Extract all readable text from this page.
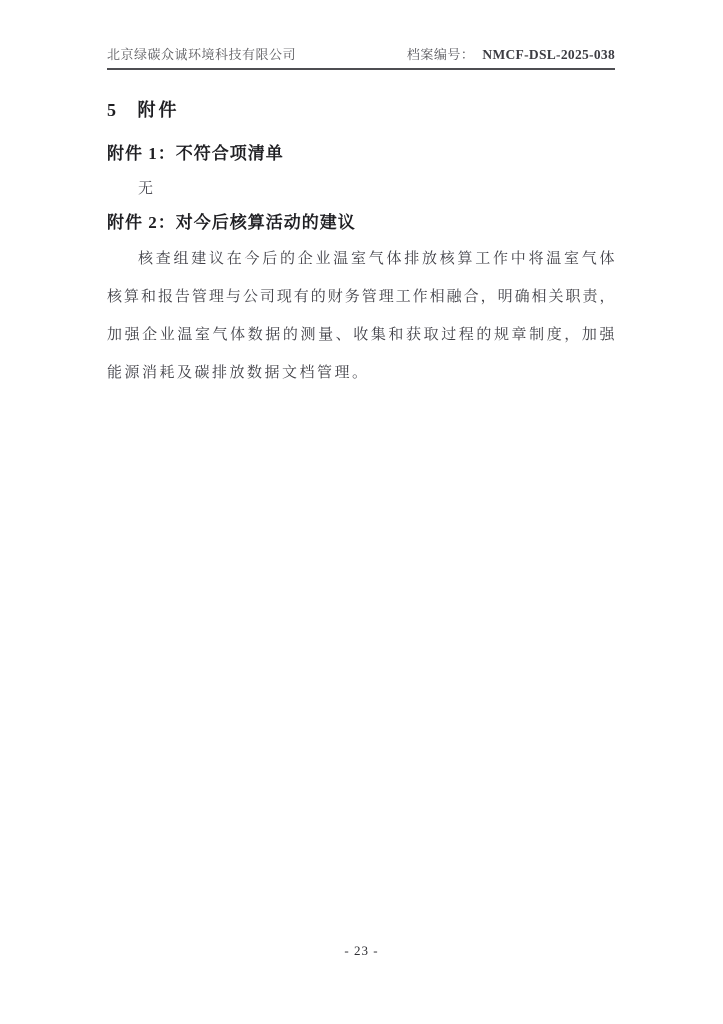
北京绿碳众诚环境科技有限公司	档案编号： NMCF-DSL-2025-038
5 附件
附件 1：不符合项清单
无
附件 2：对今后核算活动的建议
核查组建议在今后的企业温室气体排放核算工作中将温室气体
核算和报告管理与公司现有的财务管理工作相融合，明确相关职责，
加强企业温室气体数据的测量、收集和获取过程的规章制度，加强
能源消耗及碳排放数据文档管理。
- 23 -
